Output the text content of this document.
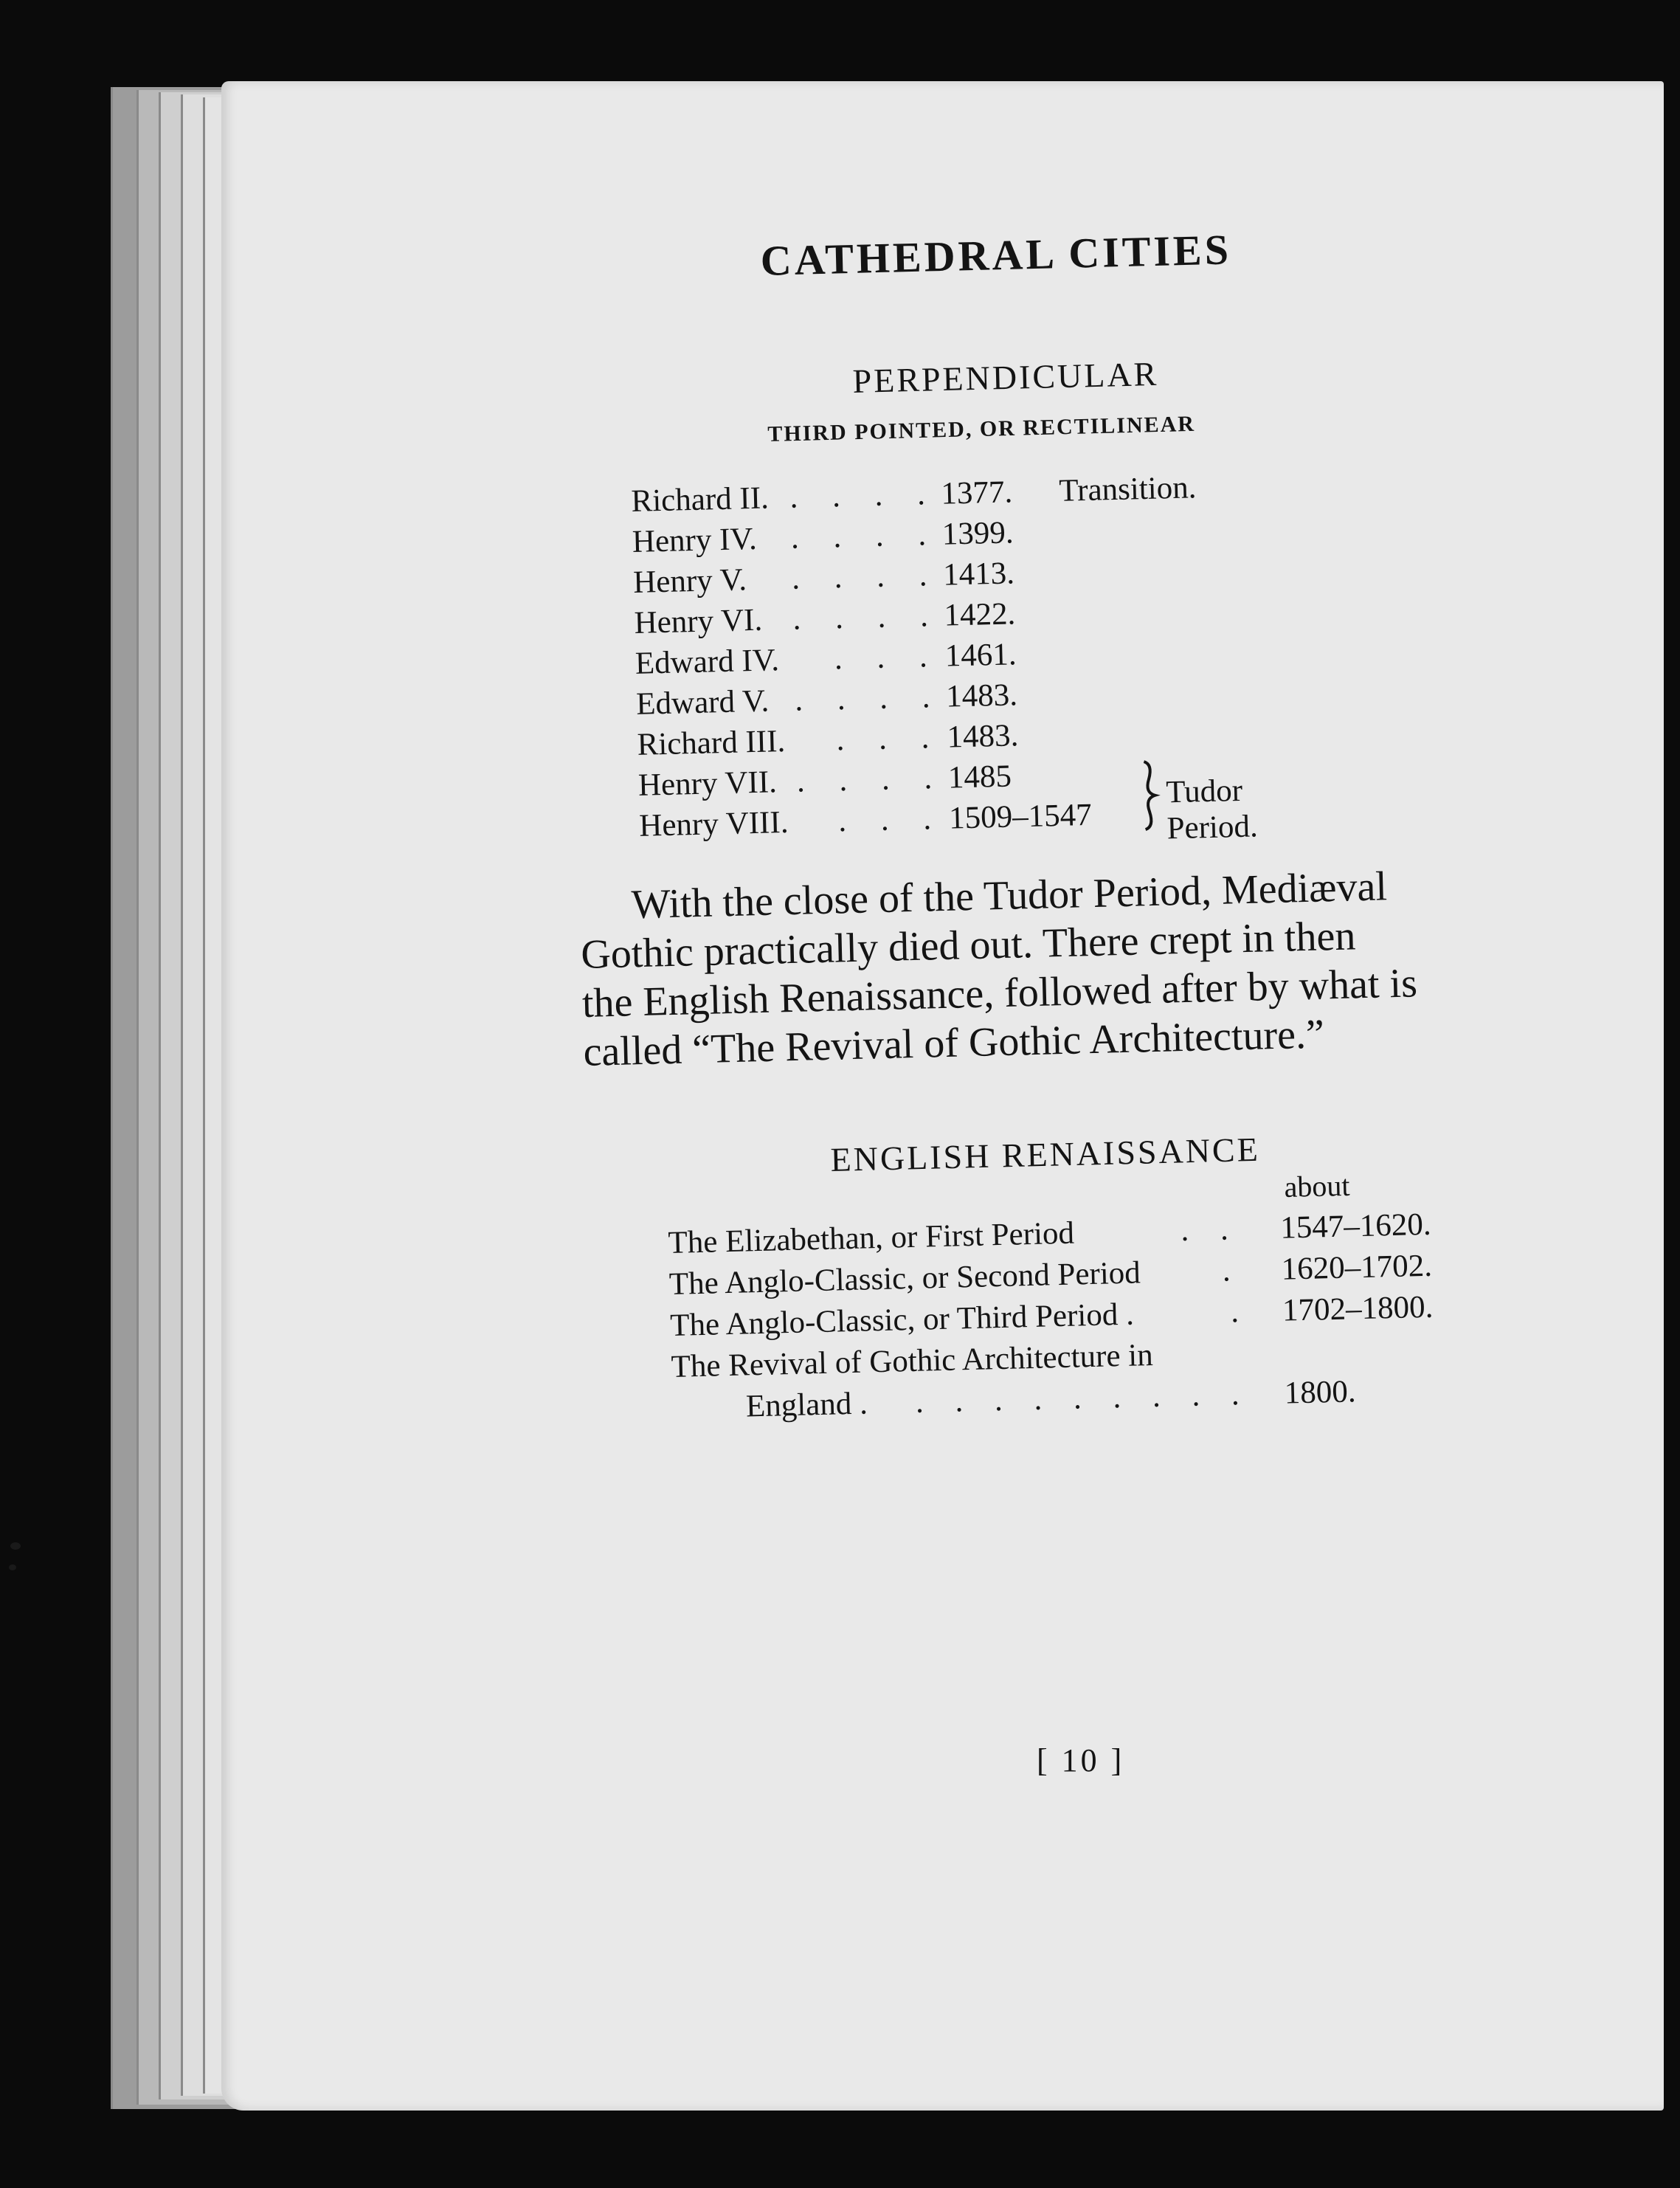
CATHEDRAL CITIES
PERPENDICULAR
THIRD POINTED, OR RECTILINEAR
Richard II. . . . . 1377. Transition.
Henry IV. . . . . 1399.
Henry V. . . . . 1413.
Henry VI. . . . . 1422.
Edward IV. . . . 1461.
Edward V. . . . . 1483.
Richard III. . . . 1483.
Henry VII. . . . . 1485
Henry VIII. . . . 1509–1547
Tudor Period.
With the close of the Tudor Period, Mediæval
Gothic practically died out. There crept in then
the English Renaissance, followed after by what is
called “The Revival of Gothic Architecture.”
ENGLISH RENAISSANCE
about
The Elizabethan, or First Period	. . 1547–1620.
The Anglo-Classic, or Second Period	. 1620–1702.
The Anglo-Classic, or Third Period .	. 1702–1800.
The Revival of Gothic Architecture in
England . . . . . . . . . . 1800.
[ 10 ]
